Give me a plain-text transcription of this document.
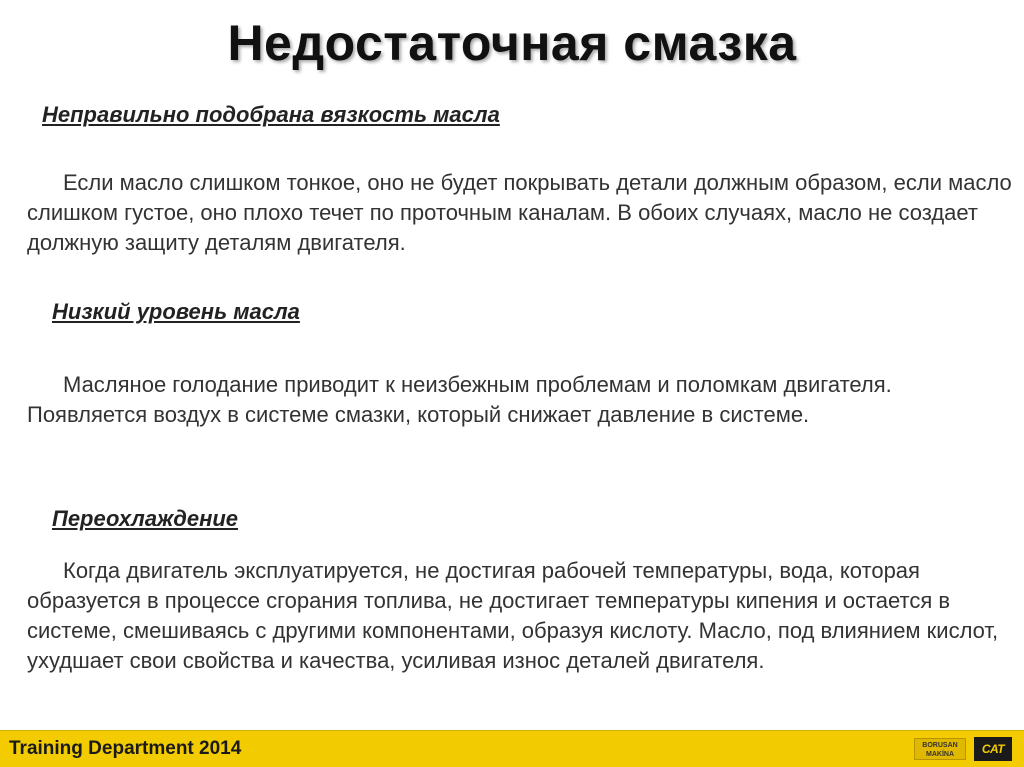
Недостаточная смазка
Неправильно подобрана вязкость масла

Если масло слишком тонкое, оно не будет покрывать детали должным образом, если масло слишком густое, оно плохо течет по проточным каналам. В обоих случаях, масло не создает должную защиту деталям двигателя.

Низкий уровень масла

Масляное голодание приводит к неизбежным проблемам и поломкам двигателя. Появляется воздух в системе смазки, который снижает давление в системе.

Переохлаждение

Когда двигатель эксплуатируется, не достигая рабочей температуры, вода, которая образуется в процессе сгорания топлива, не достигает температуры кипения и остается в системе, смешиваясь с другими компонентами, образуя кислоту. Масло, под влиянием кислот, ухудшает свои свойства и качества, усиливая износ деталей двигателя.

Training Department 2014	BORUSAN MAKİNA	CAT
